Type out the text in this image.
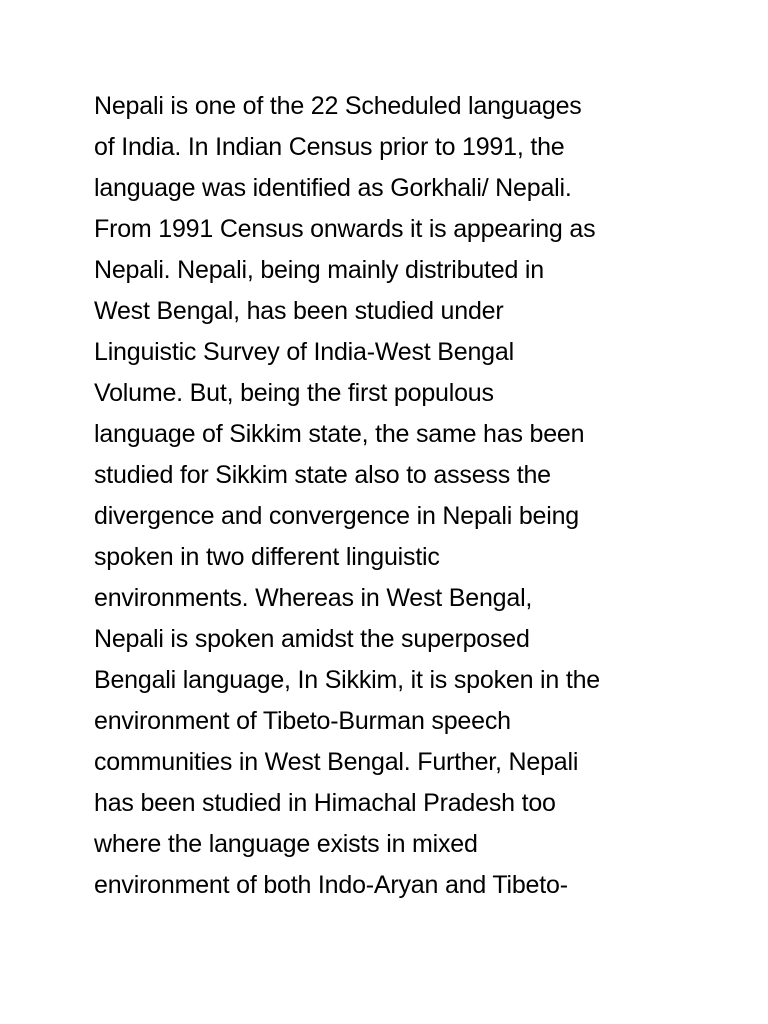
Nepali is one of the 22 Scheduled languages
of India. In Indian Census prior to 1991, the
language was identified as Gorkhali/ Nepali.
From 1991 Census onwards it is appearing as
Nepali. Nepali, being mainly distributed in
West Bengal, has been studied under
Linguistic Survey of India-West Bengal
Volume. But, being the first populous
language of Sikkim state, the same has been
studied for Sikkim state also to assess the
divergence and convergence in Nepali being
spoken in two different linguistic
environments. Whereas in West Bengal,
Nepali is spoken amidst the superposed
Bengali language, In Sikkim, it is spoken in the
environment of Tibeto-Burman speech
communities in West Bengal. Further, Nepali
has been studied in Himachal Pradesh too
where the language exists in mixed
environment of both Indo-Aryan and Tibeto-
